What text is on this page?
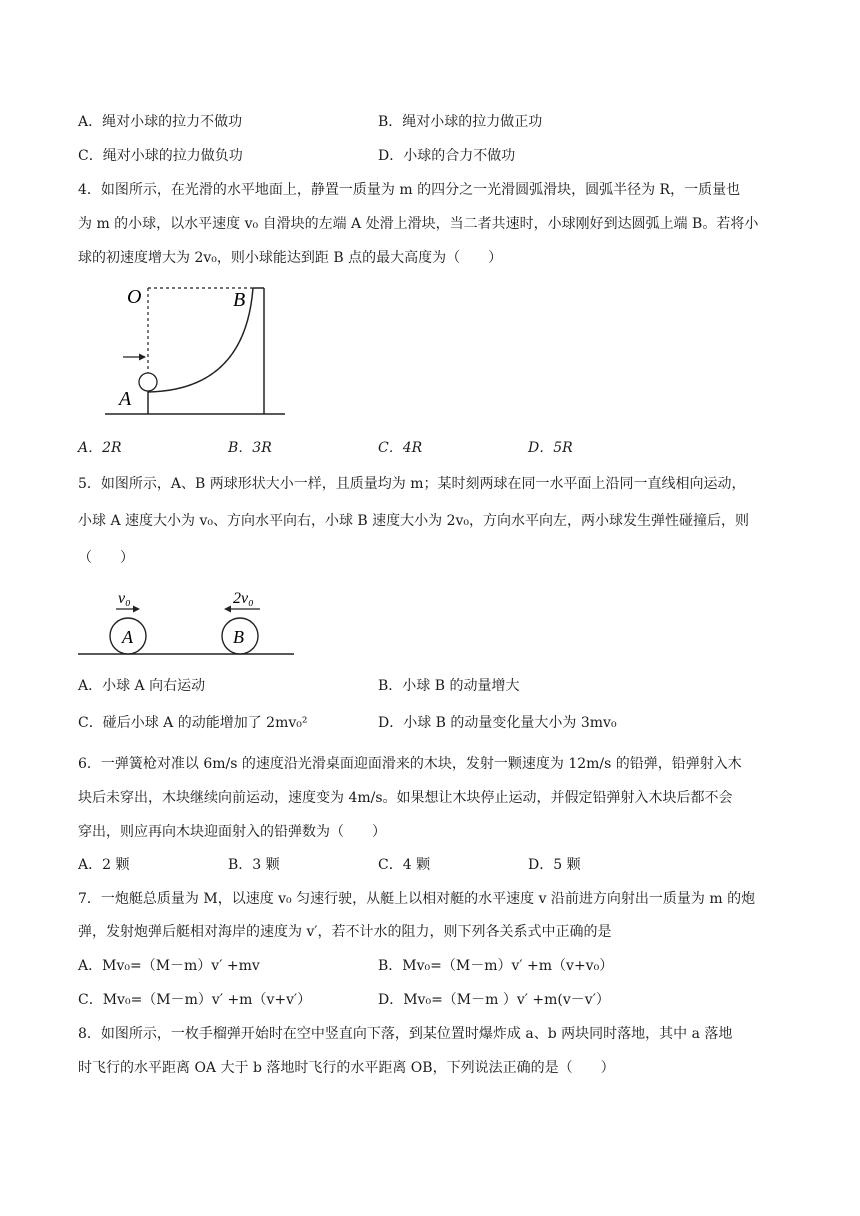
A．绳对小球的拉力不做功	B．绳对小球的拉力做正功
C．绳对小球的拉力做负功	D．小球的合力不做功
4．如图所示，在光滑的水平地面上，静置一质量为 m 的四分之一光滑圆弧滑块，圆弧半径为 R，一质量也
为 m 的小球，以水平速度 v₀ 自滑块的左端 A 处滑上滑块，当二者共速时，小球刚好到达圆弧上端 B。若将小
球的初速度增大为 2v₀，则小球能达到距 B 点的最大高度为（　　）
O	B
A
A．2R	B．3R	C．4R	D．5R
5．如图所示，A、B 两球形状大小一样，且质量均为 m；某时刻两球在同一水平面上沿同一直线相向运动，
小球 A 速度大小为 v₀、方向水平向右，小球 B 速度大小为 2v₀，方向水平向左，两小球发生弹性碰撞后，则
（　　）
A	B
v₀	2v₀
A．小球 A 向右运动	B．小球 B 的动量增大
C．碰后小球 A 的动能增加了 2mv₀²	D．小球 B 的动量变化量大小为 3mv₀
6．一弹簧枪对准以 6m/s 的速度沿光滑桌面迎面滑来的木块，发射一颗速度为 12m/s 的铅弹，铅弹射入木
块后未穿出，木块继续向前运动，速度变为 4m/s。如果想让木块停止运动，并假定铅弹射入木块后都不会
穿出，则应再向木块迎面射入的铅弹数为（　　）
A．2 颗	B．3 颗	C．4 颗	D．5 颗
7．一炮艇总质量为 M，以速度 v₀ 匀速行驶，从艇上以相对艇的水平速度 v 沿前进方向射出一质量为 m 的炮
弹，发射炮弹后艇相对海岸的速度为 v′，若不计水的阻力，则下列各关系式中正确的是
A．Mv₀=（M－m）v′ +mv	B．Mv₀=（M－m）v′ +m（v+v₀）
C．Mv₀=（M－m）v′ +m（v+v′）	D．Mv₀=（M－m ）v′ +m(v－v′）
8．如图所示，一枚手榴弹开始时在空中竖直向下落，到某位置时爆炸成 a、b 两块同时落地，其中 a 落地
时飞行的水平距离 OA 大于 b 落地时飞行的水平距离 OB，下列说法正确的是（　　）
